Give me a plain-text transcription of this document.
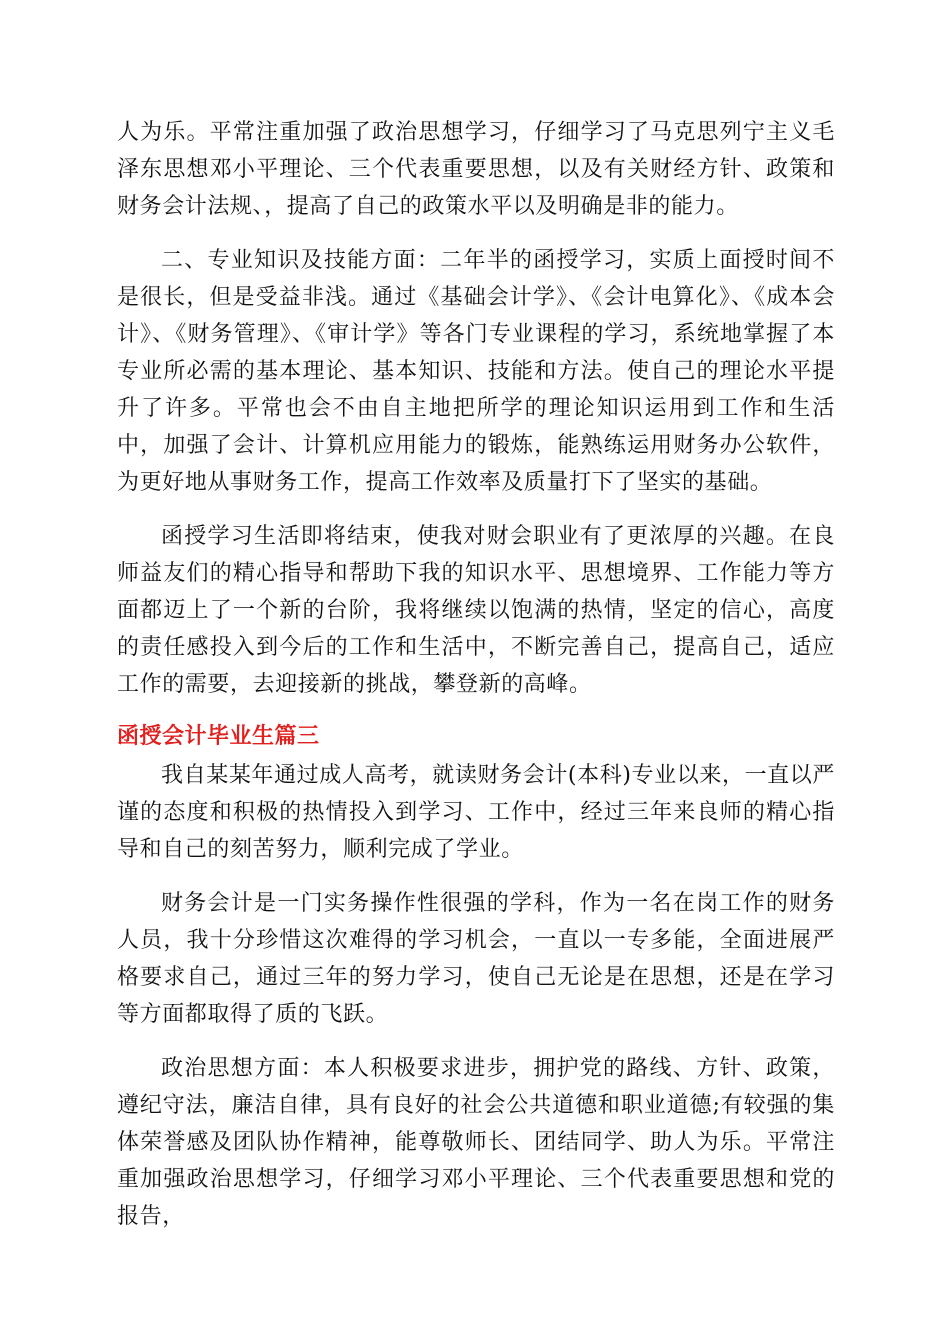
人为乐。平常注重加强了政治思想学习，仔细学习了马克思列宁主义毛泽东思想邓小平理论、三个代表重要思想，以及有关财经方针、政策和财务会计法规、，提高了自己的政策水平以及明确是非的能力。

二、专业知识及技能方面：二年半的函授学习，实质上面授时间不是很长，但是受益非浅。通过《基础会计学》、《会计电算化》、《成本会计》、《财务管理》、《审计学》等各门专业课程的学习，系统地掌握了本专业所必需的基本理论、基本知识、技能和方法。使自己的理论水平提升了许多。平常也会不由自主地把所学的理论知识运用到工作和生活中，加强了会计、计算机应用能力的锻炼，能熟练运用财务办公软件，为更好地从事财务工作，提高工作效率及质量打下了坚实的基础。

函授学习生活即将结束，使我对财会职业有了更浓厚的兴趣。在良师益友们的精心指导和帮助下我的知识水平、思想境界、工作能力等方面都迈上了一个新的台阶，我将继续以饱满的热情，坚定的信心，高度的责任感投入到今后的工作和生活中，不断完善自己，提高自己，适应工作的需要，去迎接新的挑战，攀登新的高峰。

函授会计毕业生篇三

我自某某年通过成人高考，就读财务会计(本科)专业以来，一直以严谨的态度和积极的热情投入到学习、工作中，经过三年来良师的精心指导和自己的刻苦努力，顺利完成了学业。

财务会计是一门实务操作性很强的学科，作为一名在岗工作的财务人员，我十分珍惜这次难得的学习机会，一直以一专多能，全面进展严格要求自己，通过三年的努力学习，使自己无论是在思想，还是在学习等方面都取得了质的飞跃。

政治思想方面：本人积极要求进步，拥护党的路线、方针、政策，遵纪守法，廉洁自律，具有良好的社会公共道德和职业道德;有较强的集体荣誉感及团队协作精神，能尊敬师长、团结同学、助人为乐。平常注重加强政治思想学习，仔细学习邓小平理论、三个代表重要思想和党的报告，
